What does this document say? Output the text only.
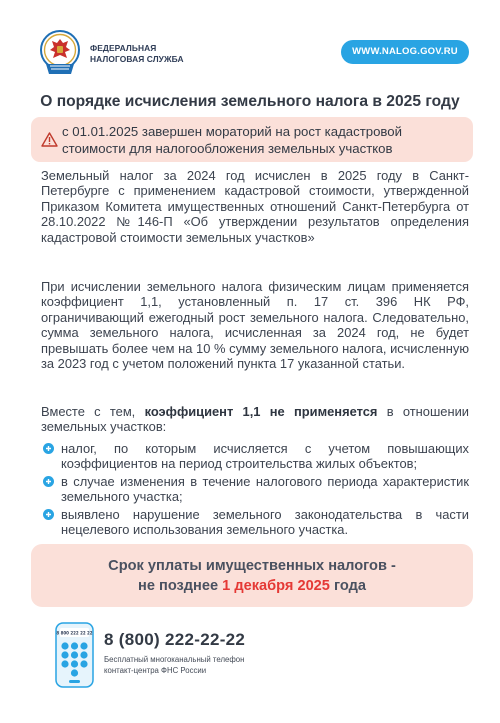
ФЕДЕРАЛЬНАЯ
НАЛОГОВАЯ СЛУЖБА
WWW.NALOG.GOV.RU
О порядке исчисления земельного налога в 2025 году
с 01.01.2025 завершен мораторий на рост кадастровой стоимости для налогообложения земельных участков
Земельный налог за 2024 год исчислен в 2025 году в Санкт-Петербурге с применением кадастровой стоимости, утвержденной Приказом Комитета имущественных отношений Санкт-Петербурга от 28.10.2022 №146-П «Об утверждении результатов определения кадастровой стоимости земельных участков»
При исчислении земельного налога физическим лицам применяется коэффициент 1,1, установленный п. 17 ст. 396 НК РФ, ограничивающий ежегодный рост земельного налога. Следовательно, сумма земельного налога, исчисленная за 2024 год, не будет превышать более чем на 10 % сумму земельного налога, исчисленную за 2023 год с учетом положений пункта 17 указанной статьи.
Вместе с тем, коэффициент 1,1 не применяется в отношении земельных участков:
налог, по которым исчисляется с учетом повышающих коэффициентов на период строительства жилых объектов;
в случае изменения в течение налогового периода характеристик земельного участка;
выявлено нарушение земельного законодательства в части нецелевого использования земельного участка.
Срок уплаты имущественных налогов -
не позднее 1 декабря 2025 года
8 800 222 22 22 8 (800) 222-22-22
Бесплатный многоканальный телефон
контакт-центра ФНС России
